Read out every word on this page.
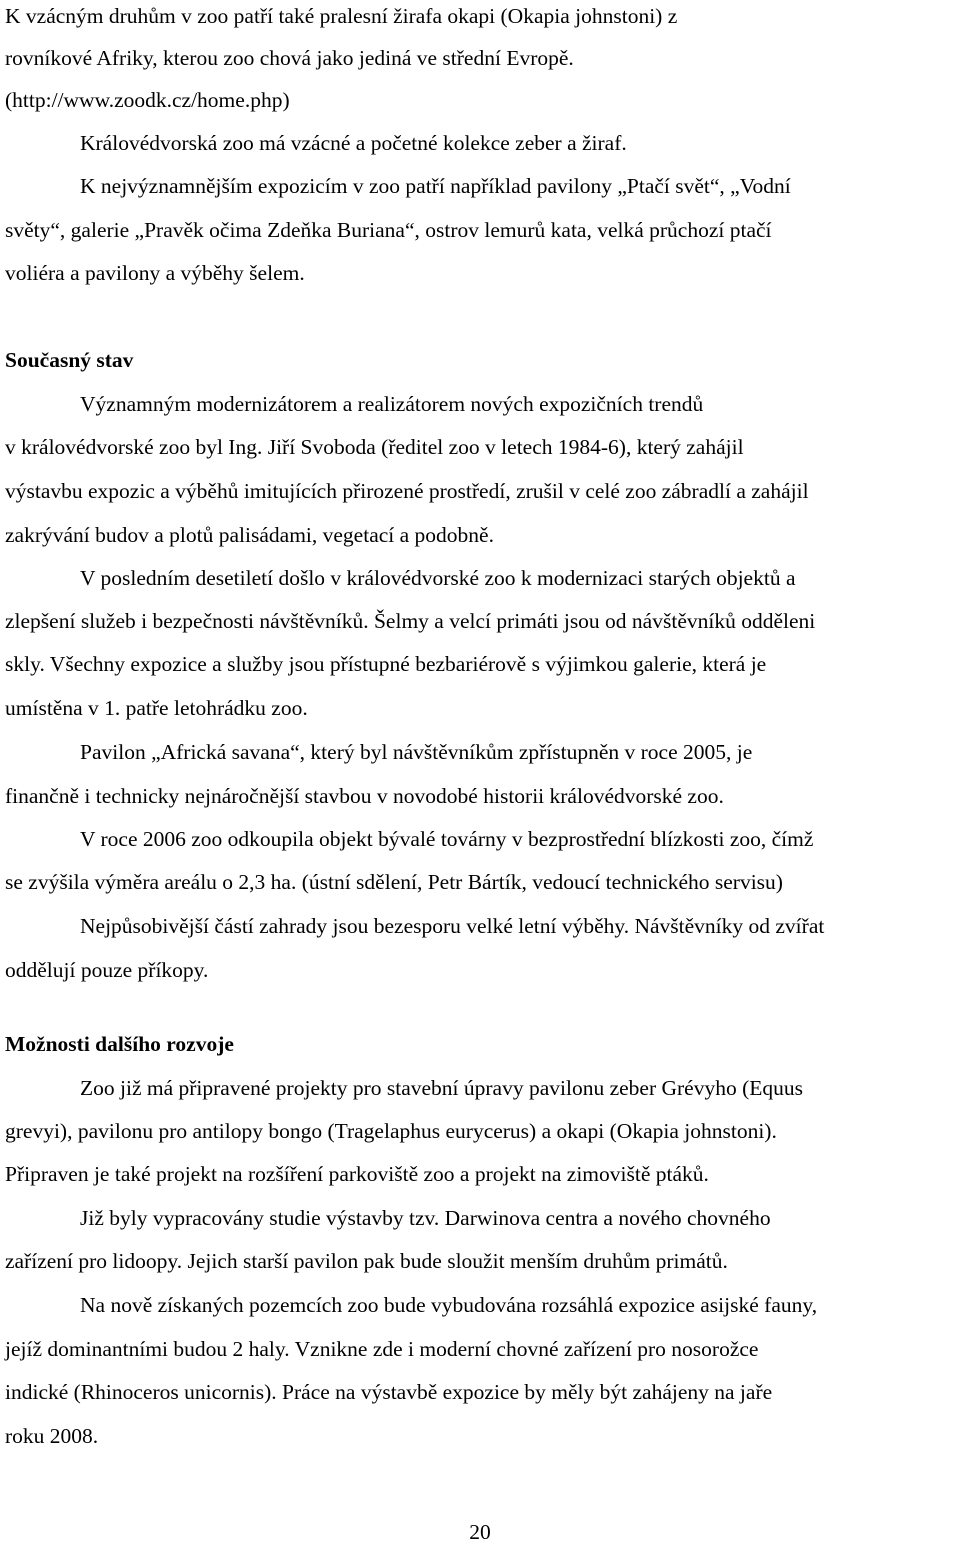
K vzácným druhům v zoo patří také pralesní žirafa okapi (Okapia johnstoni) z
rovníkové Afriky, kterou zoo chová jako jediná ve střední Evropě.
(http://www.zoodk.cz/home.php)
Královédvorská zoo má vzácné a početné kolekce zeber a žiraf.
K nejvýznamnějším expozicím v zoo patří například pavilony „Ptačí svět“, „Vodní
světy“, galerie „Pravěk očima Zdeňka Buriana“, ostrov lemurů kata, velká průchozí ptačí
voliéra a pavilony a výběhy šelem.
Současný stav
Významným modernizátorem a realizátorem nových expozičních trendů
v královédvorské zoo byl Ing. Jiří Svoboda (ředitel zoo v letech 1984-6), který zahájil
výstavbu expozic a výběhů imitujících přirozené prostředí, zrušil v celé zoo zábradlí a zahájil
zakrývání budov a plotů palisádami, vegetací a podobně.
V posledním desetiletí došlo v královédvorské zoo k modernizaci starých objektů a
zlepšení služeb i bezpečnosti návštěvníků. Šelmy a velcí primáti jsou od návštěvníků odděleni
skly. Všechny expozice a služby jsou přístupné bezbariérově s výjimkou galerie, která je
umístěna v 1. patře letohrádku zoo.
Pavilon „Africká savana“, který byl návštěvníkům zpřístupněn v roce 2005, je
finančně i technicky nejnáročnější stavbou v novodobé historii královédvorské zoo.
V roce 2006 zoo odkoupila objekt bývalé továrny v bezprostřední blízkosti zoo, čímž
se zvýšila výměra areálu o 2,3 ha. (ústní sdělení, Petr Bártík, vedoucí technického servisu)
Nejpůsobivější částí zahrady jsou bezesporu velké letní výběhy. Návštěvníky od zvířat
oddělují pouze příkopy.
Možnosti dalšího rozvoje
Zoo již má připravené projekty pro stavební úpravy pavilonu zeber Grévyho (Equus
grevyi), pavilonu pro antilopy bongo (Tragelaphus eurycerus) a okapi (Okapia johnstoni).
Připraven je také projekt na rozšíření parkoviště zoo a projekt na zimoviště ptáků.
Již byly vypracovány studie výstavby tzv. Darwinova centra a nového chovného
zařízení pro lidoopy. Jejich starší pavilon pak bude sloužit menším druhům primátů.
Na nově získaných pozemcích zoo bude vybudována rozsáhlá expozice asijské fauny,
jejíž dominantními budou 2 haly. Vznikne zde i moderní chovné zařízení pro nosorožce
indické (Rhinoceros unicornis). Práce na výstavbě expozice by měly být zahájeny na jaře
roku 2008.
20
